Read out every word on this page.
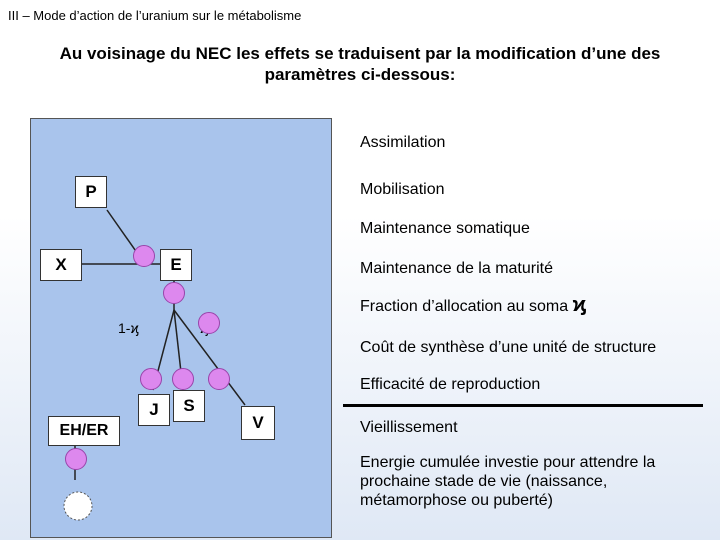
III – Mode d’action de l’uranium sur le métabolisme
Au voisinage du NEC les effets se traduisent par la modification d’une des
paramètres ci-dessous:
P
X	E
1-ϗ
J	S
V
EH/ER
Assimilation
Mobilisation
Maintenance somatique
Maintenance de la maturité
Fraction d’allocation au soma ϗ
Coût de synthèse d’une unité de structure
Efficacité de reproduction
Vieillissement
Energie cumulée investie pour attendre la prochaine stade de vie (naissance, métamorphose ou puberté)
